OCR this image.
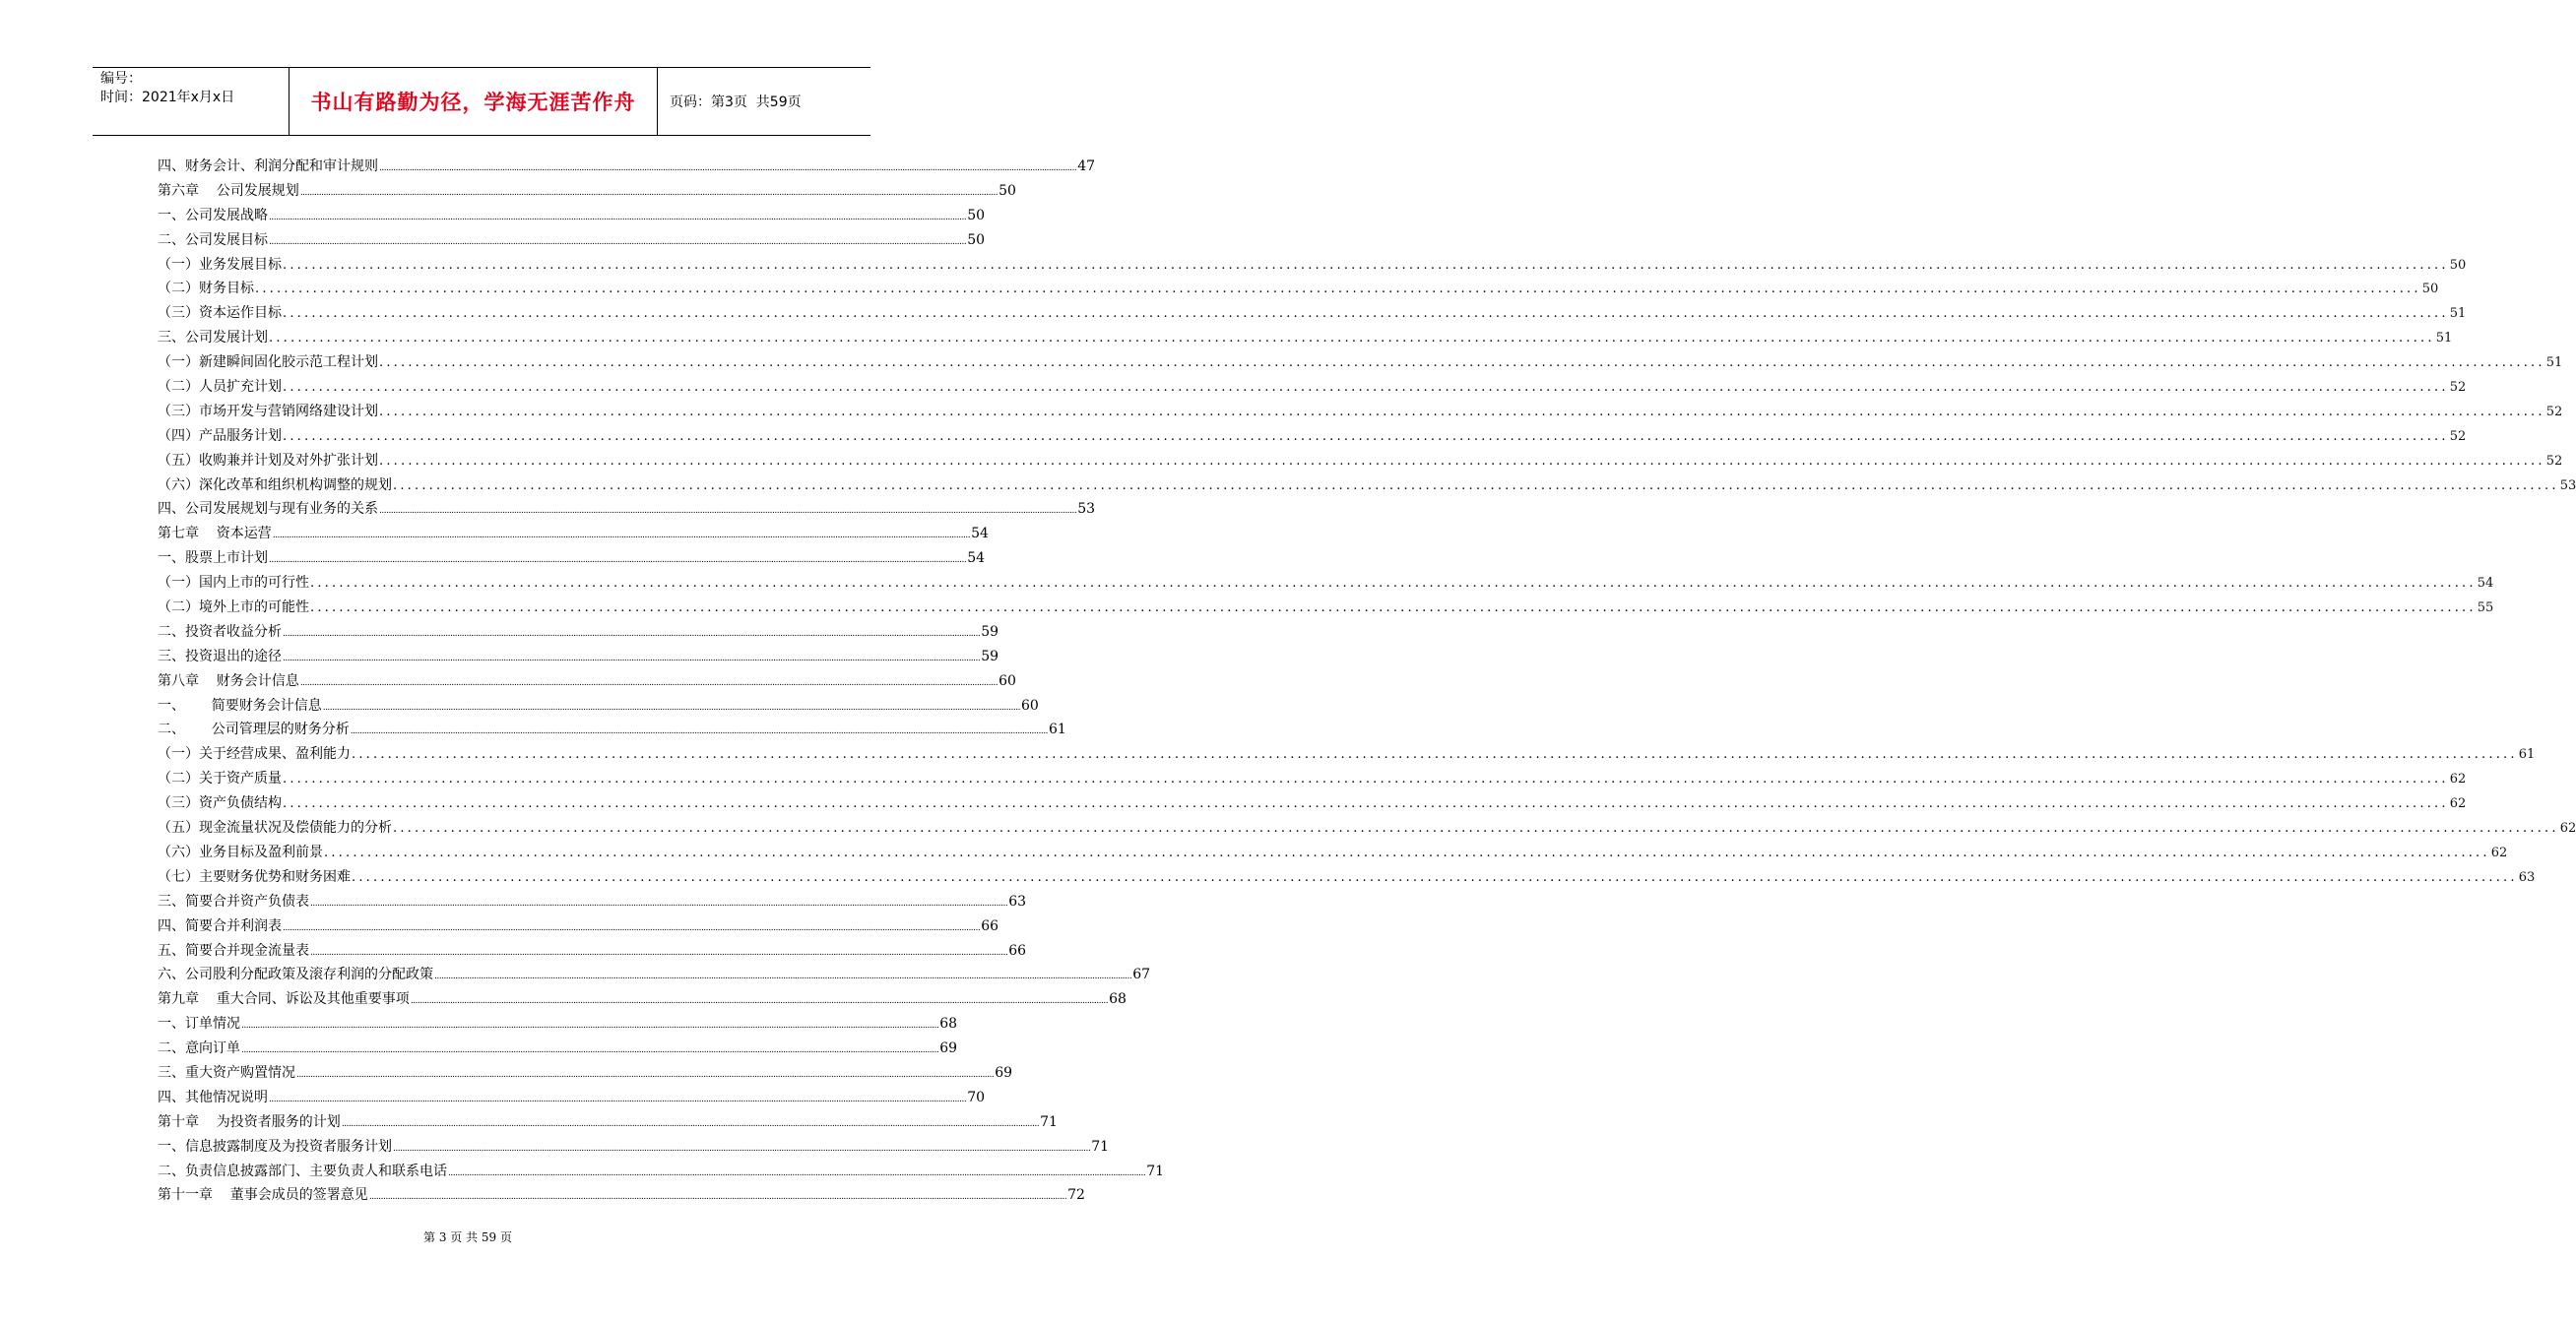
编号：
时间：2021年x月x日	书山有路勤为径，学海无涯苦作舟 页码：第3页  共59页
四、财务会计、利润分配和审计规则 ............................................................................................................................................................................................................................................................................................................ 47
第六章    公司发展规划 ............................................................................................................................................................................................................................................................................................................ 50
一、公司发展战略 ............................................................................................................................................................................................................................................................................................................ 50
二、公司发展目标 ............................................................................................................................................................................................................................................................................................................ 50
（一）业务发展目标 ............................................................................................................................................................................................................................................................................................................ 50
（二）财务目标 ............................................................................................................................................................................................................................................................................................................ 50
（三）资本运作目标 ............................................................................................................................................................................................................................................................................................................ 51
三、公司发展计划 ............................................................................................................................................................................................................................................................................................................ 51
（一）新建瞬间固化胶示范工程计划 ............................................................................................................................................................................................................................................................................................................ 51
（二）人员扩充计划 ............................................................................................................................................................................................................................................................................................................ 52
（三）市场开发与营销网络建设计划 ............................................................................................................................................................................................................................................................................................................ 52
（四）产品服务计划 ............................................................................................................................................................................................................................................................................................................ 52
（五）收购兼并计划及对外扩张计划 ............................................................................................................................................................................................................................................................................................................ 52
（六）深化改革和组织机构调整的规划 ............................................................................................................................................................................................................................................................................................................ 53
四、公司发展规划与现有业务的关系 ............................................................................................................................................................................................................................................................................................................ 53
第七章    资本运营 ............................................................................................................................................................................................................................................................................................................ 54
一、股票上市计划 ............................................................................................................................................................................................................................................................................................................ 54
（一）国内上市的可行性 ............................................................................................................................................................................................................................................................................................................ 54
（二）境外上市的可能性 ............................................................................................................................................................................................................................................................................................................ 55
二、投资者收益分析 ............................................................................................................................................................................................................................................................................................................ 59
三、投资退出的途径 ............................................................................................................................................................................................................................................................................................................ 59
第八章    财务会计信息 ............................................................................................................................................................................................................................................................................................................ 60
一、      简要财务会计信息 ............................................................................................................................................................................................................................................................................................................ 60
二、      公司管理层的财务分析 ............................................................................................................................................................................................................................................................................................................ 61
（一）关于经营成果、盈利能力 ............................................................................................................................................................................................................................................................................................................ 61
（二）关于资产质量 ............................................................................................................................................................................................................................................................................................................ 62
（三）资产负债结构 ............................................................................................................................................................................................................................................................................................................ 62
（五）现金流量状况及偿债能力的分析 ............................................................................................................................................................................................................................................................................................................ 62
（六）业务目标及盈利前景 ............................................................................................................................................................................................................................................................................................................ 62
（七）主要财务优势和财务困难 ............................................................................................................................................................................................................................................................................................................ 63
三、简要合并资产负债表 ............................................................................................................................................................................................................................................................................................................ 63
四、简要合并利润表 ............................................................................................................................................................................................................................................................................................................ 66
五、简要合并现金流量表 ............................................................................................................................................................................................................................................................................................................ 66
六、公司股利分配政策及滚存利润的分配政策 ............................................................................................................................................................................................................................................................................................................ 67
第九章    重大合同、诉讼及其他重要事项 ............................................................................................................................................................................................................................................................................................................ 68
一、订单情况 ............................................................................................................................................................................................................................................................................................................ 68
二、意向订单 ............................................................................................................................................................................................................................................................................................................ 69
三、重大资产购置情况 ............................................................................................................................................................................................................................................................................................................ 69
四、其他情况说明 ............................................................................................................................................................................................................................................................................................................ 70
第十章    为投资者服务的计划 ............................................................................................................................................................................................................................................................................................................ 71
一、信息披露制度及为投资者服务计划 ............................................................................................................................................................................................................................................................................................................ 71
二、负责信息披露部门、主要负责人和联系电话 ............................................................................................................................................................................................................................................................................................................ 71
第十一章    董事会成员的签署意见 ............................................................................................................................................................................................................................................................................................................ 72
第 3 页 共 59 页
